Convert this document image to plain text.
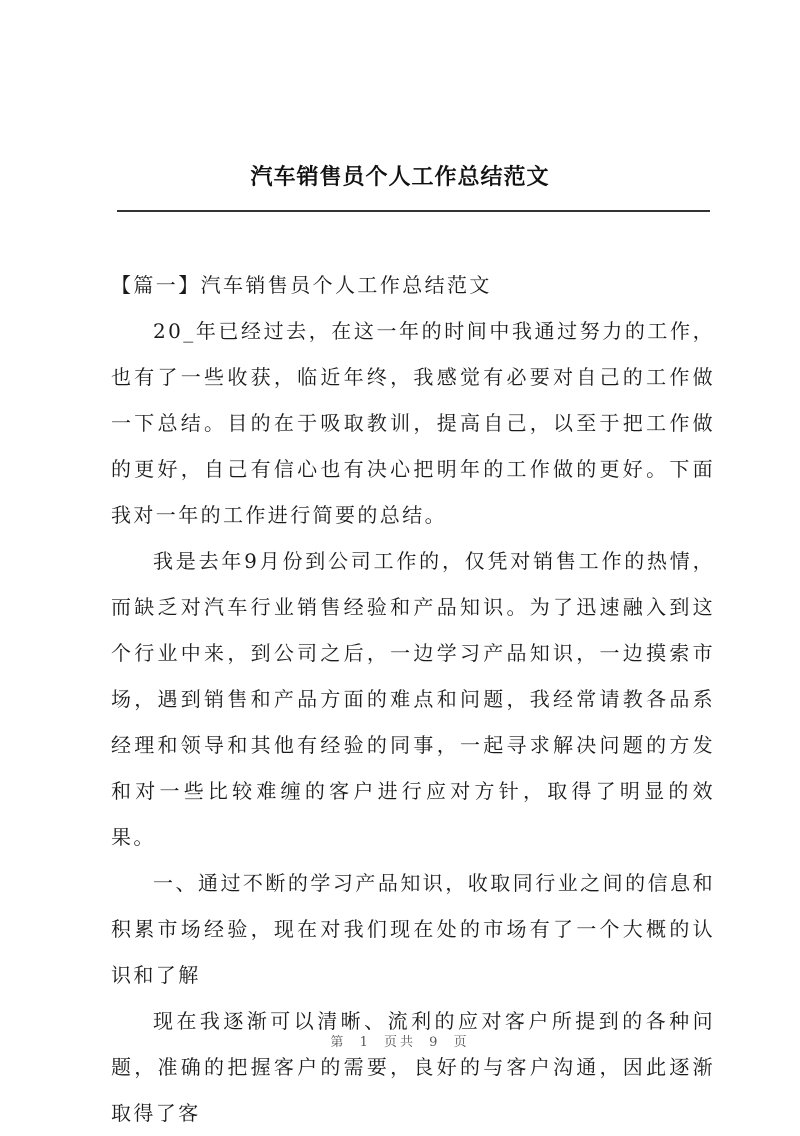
汽车销售员个人工作总结范文

【篇一】汽车销售员个人工作总结范文

20_年已经过去，在这一年的时间中我通过努力的工作，也有了一些收获，临近年终，我感觉有必要对自己的工作做一下总结。目的在于吸取教训，提高自己，以至于把工作做的更好，自己有信心也有决心把明年的工作做的更好。下面我对一年的工作进行简要的总结。

我是去年9月份到公司工作的，仅凭对销售工作的热情，而缺乏对汽车行业销售经验和产品知识。为了迅速融入到这个行业中来，到公司之后，一边学习产品知识，一边摸索市场，遇到销售和产品方面的难点和问题，我经常请教各品系经理和领导和其他有经验的同事，一起寻求解决问题的方发和对一些比较难缠的客户进行应对方针，取得了明显的效果。

一、通过不断的学习产品知识，收取同行业之间的信息和积累市场经验，现在对我们现在处的市场有了一个大概的认识和了解

现在我逐渐可以清晰、流利的应对客户所提到的各种问题，准确的把握客户的需要，良好的与客户沟通，因此逐渐取得了客

第 1 页共 9 页
